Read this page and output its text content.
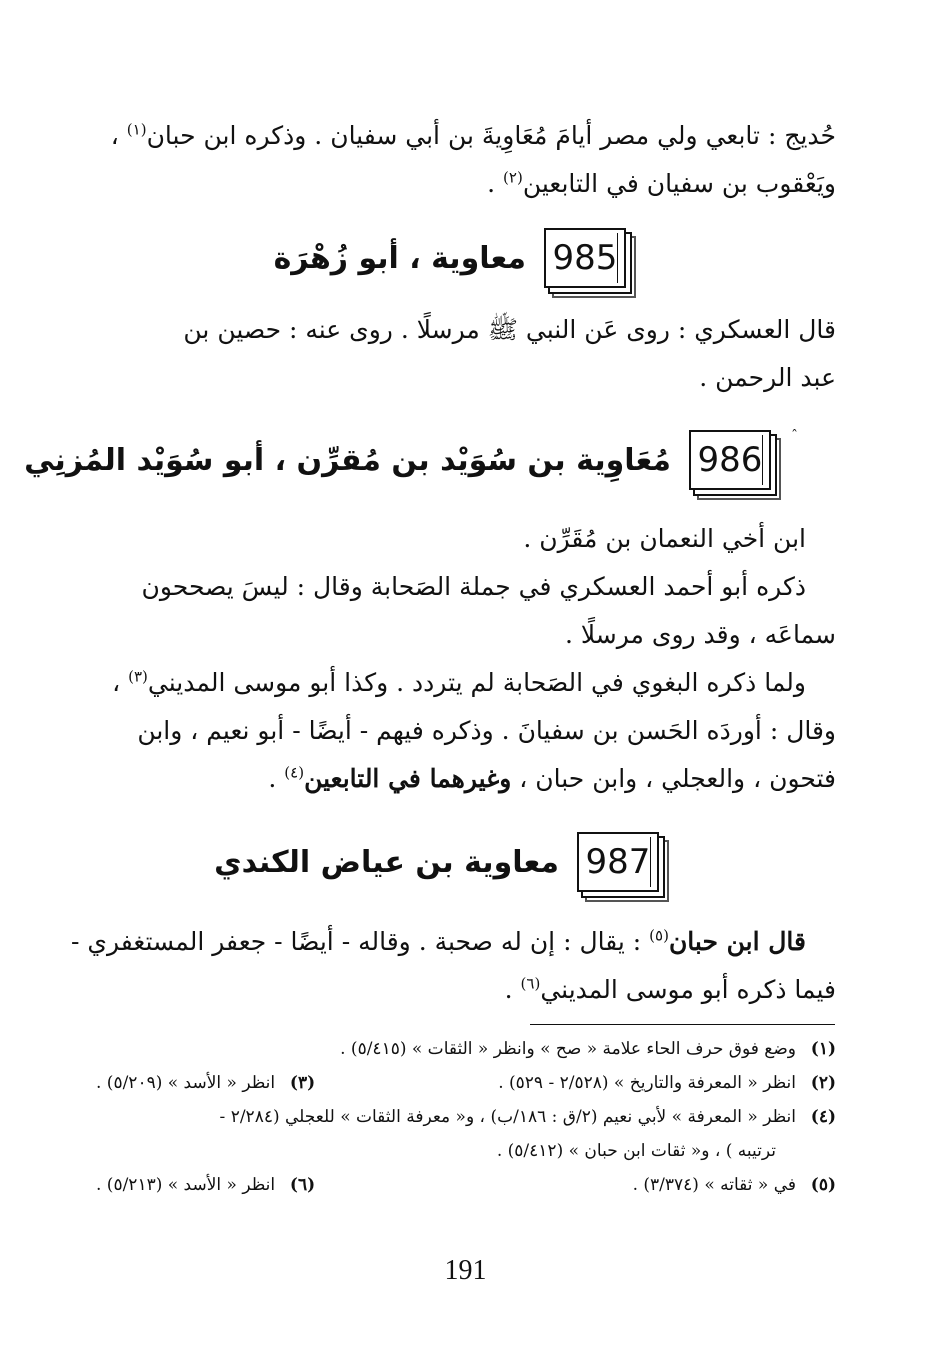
حُديج : تابعي ولي مصر أيامَ مُعَاوِيةَ بن أبي سفيان . وذكره ابن حبان$^{(١)}$ ،
ويَعْقوب بن سفيان في التابعين$^{(٢)}$ .
985
معاوية ، أبو زُهْرَة
قال العسكري : روى عَن النبي ﷺ مرسلًا . روى عنه : حصين بن
عبد الرحمن .
ˆ
986
مُعَاوِية بن سُوَيْد بن مُقرِّن ، أبو سُوَيْد المُزنِي
ابن أخي النعمان بن مُقَرِّن .
ذكره أبو أحمد العسكري في جملة الصَحابة وقال : ليسَ يصححون
سماعَه ، وقد روى مرسلًا .
ولما ذكره البغوي في الصَحابة لم يتردد . وكذا أبو موسى المديني$^{(٣)}$ ،
وقال : أوردَه الحَسن بن سفيانَ . وذكره فيهم - أيضًا - أبو نعيم ، وابن
فتحون ، والعجلي ، وابن حبان ، وغيرهما في التابعين$^{(٤)}$ .
987
معاوية بن عياض الكندي
قال ابن حبان$^{(٥)}$ : يقال : إن له صحبة . وقاله - أيضًا - جعفر المستغفري -
فيما ذكره أبو موسى المديني$^{(٦)}$ .
(١)وضع فوق حرف الحاء علامة « صح » وانظر « الثقات » (٥/٤١٥) .
(٢)انظر « المعرفة والتاريخ » (٢/٥٢٨ - ٥٢٩) .
(٣)انظر « الأسد » (٥/٢٠٩) .
(٤)انظر « المعرفة » لأبي نعيم (٢/ق : ١٨٦/ب) ، و« معرفة الثقات » للعجلي (٢/٢٨٤ -
ترتيبه ) ، و« ثقات ابن حبان » (٥/٤١٢) .
(٥)في « ثقاته » (٣/٣٧٤) .
(٦)انظر « الأسد » (٥/٢١٣) .
191
